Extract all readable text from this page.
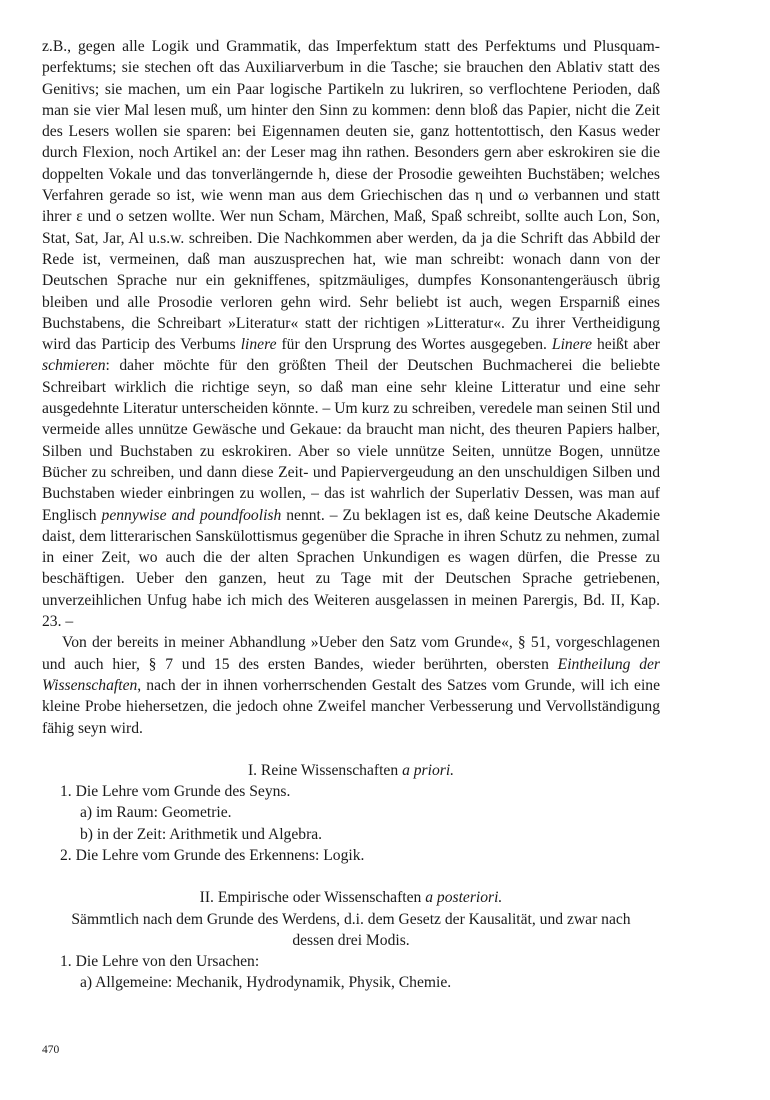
z.B., gegen alle Logik und Grammatik, das Imperfektum statt des Perfektums und Plusquamperfektums; sie stechen oft das Auxiliarverbum in die Tasche; sie brauchen den Ablativ statt des Genitivs; sie machen, um ein Paar logische Partikeln zu lukriren, so verflochtene Perioden, daß man sie vier Mal lesen muß, um hinter den Sinn zu kommen: denn bloß das Papier, nicht die Zeit des Lesers wollen sie sparen: bei Eigennamen deuten sie, ganz hottentottisch, den Kasus weder durch Flexion, noch Artikel an: der Leser mag ihn rathen. Besonders gern aber eskrokiren sie die doppelten Vokale und das tonverlängernde h, diese der Prosodie geweihten Buchstäben; welches Verfahren gerade so ist, wie wenn man aus dem Griechischen das η und ω verbannen und statt ihrer ε und ο setzen wollte. Wer nun Scham, Märchen, Maß, Spaß schreibt, sollte auch Lon, Son, Stat, Sat, Jar, Al u.s.w. schreiben. Die Nachkommen aber werden, da ja die Schrift das Abbild der Rede ist, vermeinen, daß man auszusprechen hat, wie man schreibt: wonach dann von der Deutschen Sprache nur ein gekniffenes, spitzmäuliges, dumpfes Konsonantengeräusch übrig bleiben und alle Prosodie verloren gehn wird. Sehr beliebt ist auch, wegen Ersparniß eines Buchstabens, die Schreibart »Literatur« statt der richtigen »Litteratur«. Zu ihrer Vertheidigung wird das Particip des Verbums linere für den Ursprung des Wortes ausgegeben. Linere heißt aber schmieren: daher möchte für den größten Theil der Deutschen Buchmacherei die beliebte Schreibart wirklich die richtige seyn, so daß man eine sehr kleine Litteratur und eine sehr ausgedehnte Literatur unterscheiden könnte. – Um kurz zu schreiben, veredele man seinen Stil und vermeide alles unnütze Gewäsche und Gekaue: da braucht man nicht, des theuren Papiers halber, Silben und Buchstaben zu eskrokiren. Aber so viele unnütze Seiten, unnütze Bogen, unnütze Bücher zu schreiben, und dann diese Zeit- und Papiervergeudung an den unschuldigen Silben und Buchstaben wieder einbringen zu wollen, – das ist wahrlich der Superlativ Dessen, was man auf Englisch pennywise and poundfoolish nennt. – Zu beklagen ist es, daß keine Deutsche Akademie daist, dem litterarischen Sanskülottismus gegenüber die Sprache in ihren Schutz zu nehmen, zumal in einer Zeit, wo auch die der alten Sprachen Unkundigen es wagen dürfen, die Presse zu beschäftigen. Ueber den ganzen, heut zu Tage mit der Deutschen Sprache getriebenen, unverzeihlichen Unfug habe ich mich des Weiteren ausgelassen in meinen Parergis, Bd. II, Kap. 23. –

Von der bereits in meiner Abhandlung »Ueber den Satz vom Grunde«, § 51, vorgeschlagenen und auch hier, § 7 und 15 des ersten Bandes, wieder berührten, obersten Eintheilung der Wissenschaften, nach der in ihnen vorherrschenden Gestalt des Satzes vom Grunde, will ich eine kleine Probe hiehersetzen, die jedoch ohne Zweifel mancher Verbesserung und Vervollständigung fähig seyn wird.

I. Reine Wissenschaften a priori.

1. Die Lehre vom Grunde des Seyns.
a) im Raum: Geometrie.
b) in der Zeit: Arithmetik und Algebra.
2. Die Lehre vom Grunde des Erkennens: Logik.

II. Empirische oder Wissenschaften a posteriori.

Sämmtlich nach dem Grunde des Werdens, d.i. dem Gesetz der Kausalität, und zwar nach
dessen drei Modis.

1. Die Lehre von den Ursachen:
a) Allgemeine: Mechanik, Hydrodynamik, Physik, Chemie.
470
